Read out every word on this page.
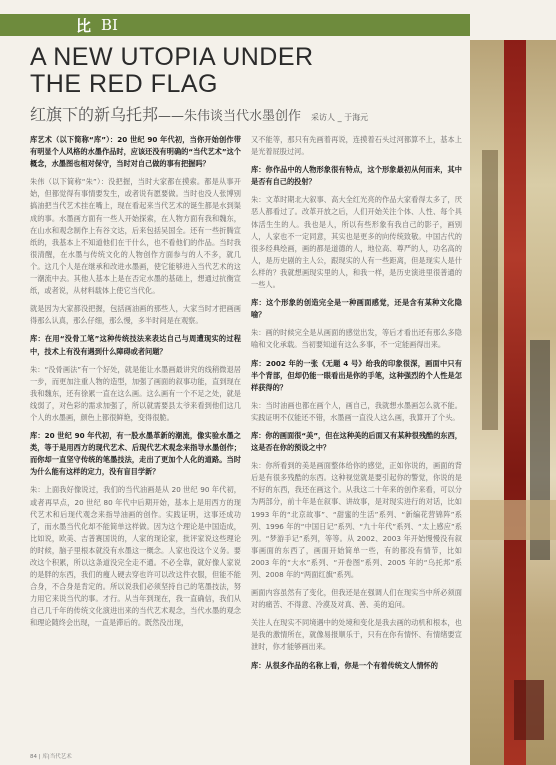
比 BI
A NEW UTOPIA UNDER
THE RED FLAG
红旗下的新乌托邦——朱伟谈当代水墨创作 采访人 _ 于海元

库艺术（以下简称“库”）：20 世纪 90 年代初，当你开始创作带有明显个人风格的水墨作品时，应该还没有明确的“当代艺术”这个概念，水墨图也相对保守，当时对自己做的事有把握吗？

朱伟（以下简称“朱”）：没把握，当时大家都在摸索。都是从事开始，但都觉得有事情要发生，或者说有愿要做。当时也没人张博别搞油把当代艺术挂在嘴上，现在看起来当代艺术的诞生都是水到渠成的事。水墨画方面有一些人开始探索，在人物方面有我和魏东，在山水和观念制作上有谷文达，后来包括吴国全。还有一些折腾宣纸的，我基本上不知道他们在干什么，也不看他们的作品。当时我很清醒，在水墨与传统文化的人物创作方面参与的人不多，就几个。这几个人是在继承和改进水墨画，使它能够进入当代艺术的这一潮流中去。其他人基本上是在否定水墨的基础上，想通过抗衡宣纸，或者说，从材料载体上使它当代化。

就是因为大家都没把握，包括画油画的那些人，大家当时才把画画得那么认真，那么仔细，那么慢，多半时间是在观察。

库：在用“没骨工笔”这种传统技法来表达自己与周遭现实的过程中，技术上有没有遇到什么障碍或者问题？

朱：“没骨画法”有一个好处，就是能让水墨画最讲究的线稍微退居一步，而更加注重人物的造型，加强了画面的叙事功能，直到现在我和魏东，还有徐累一直在这么画。这么画有一个不足之处，就是线弱了，对色彩的需求加强了，所以就需要县太爷来看到他们这几个人的水墨画，颜色上都很鲜艳，变得很脆。

库：20 世纪 90 年代初，有一股水墨革新的潮流，像实验水墨之类，等于是用西方的现代艺术、后现代艺术观念来指导水墨创作；而你却一直坚守传统的笔墨技法，走出了更加个人化的道路。当时为什么能有这样的定力，没有盲目学新？

朱：上面我好像说过，我们的当代油画是从 20 世纪 90 年代初，或者再早点，20 世纪 80 年代中后期开始，基本上是用西方的现代艺术和后现代观念来指导油画的创作。实践证明，这事还成功了，而水墨当代化却不能简单这样做。因为这个理论是中国造成，比如说，欧美、吉普赛国说的，人家的现论家，批评家说这些理论的时候，脑子里根本就没有水墨这一概念。人家也没这个义务。要改这个积累，所以这条道没完全走不通。不必全靠，就好像人家说的是胖的东西，我们的瘦人硬去穿也许可以改这件衣服，但能不能合身，不合身是肯定的。所以说我们必须坚持自己的笔墨技法，努力用它来说当代的事。才行。从当年到现在，我一直确信，我们从自己几千年的传统文化演进出来的当代艺术观念，当代水墨的观念和理论随终会出现，一直是滞后的。既然没出现，

又不能等，那只有先画着再说，连摸着石头过河都算不上，基本上是光着屁股过河。

库：你作品中的人物形象很有特点，这个形象最初从何而来，其中是否有自己的投射？

朱：文革时期北大叙事、高大全红光亮的作品大家看得太多了，厌恶人都看过了。改革开放之后，人们开始关注个体、人性、每个具体活生生的人。我也是人，所以有些形象有我自己的影子，画别人，人家也不一定同意，其实也是更多的向传统致敬。中国古代的很多经典绘画，画的都是道德的人，地位高、尊严的人，功名高的人，是历史剧的主人公，跟现实的人有一些距离，但是现实人是什么样的？我就想画现实里的人，和我一样，是历史演进里很普通的一些人。

库：这个形象的创造完全是一种画面感觉，还是含有某种文化隐喻？

朱：画的时候完全是从画面的感觉出发，等后才看出还有那么多隐喻和文化承载。当初要知道有这么多事，不一定能画得出来。

库：2002 年的一张《无题 4 号》给我的印象很深，画面中只有半个背部，但却仍能一眼看出是你的手笔，这种强烈的个人性是怎样获得的？

朱：当时油画也都在画个人，画自己，我就想水墨画怎么就不能。实践证明不仅能还不错，水墨画一直没人这么画，我算开了个头。

库：你的画面很“美”，但在这种美的后面又有某种很残酷的东西，这是否在你的预设之中？

朱：你所看到的美是画面整体给你的感觉，正如你说的，画面的背后是有很多残酷的东西。这种视觉就是要引起你的警觉，你说的是不好的东西，我还在画这个。从我这二十年来的创作来看，可以分为两部分，前十年是在叙事、讲故事，是对现实进行的对话，比如 1993 年的“北京故事”、“甜蜜的生活”系列、“新编花营锦阵”系列、1996 年的“中国日记”系列、“九十年代”系列、“太上感应”系列。“梦游手记”系列，等等。从 2002、2003 年开始慢慢没有叙事画面的东西了，画面开始简单一些，有的都没有情节，比如 2003 年的“大水”系列、“开卷图”系列、2005 年的“乌托邦”系列、2008 年的“两面红旗”系列。

画面内容虽然有了变化，但我还是在强调人们在现实当中所必须面对的痛苦、不得意、冷漠及对真、善、美的追问。

关注人在现实不同境遇中的处境和变化是我去画的动机和根本，也是我的激情所在，就像易报顺乐于，只有在你有情怀、有情绪要宣泄时，你才能够画出来。

库：从很多作品的名称上看，你是一个有着传统文人情怀的

84 | 库|当代艺术
